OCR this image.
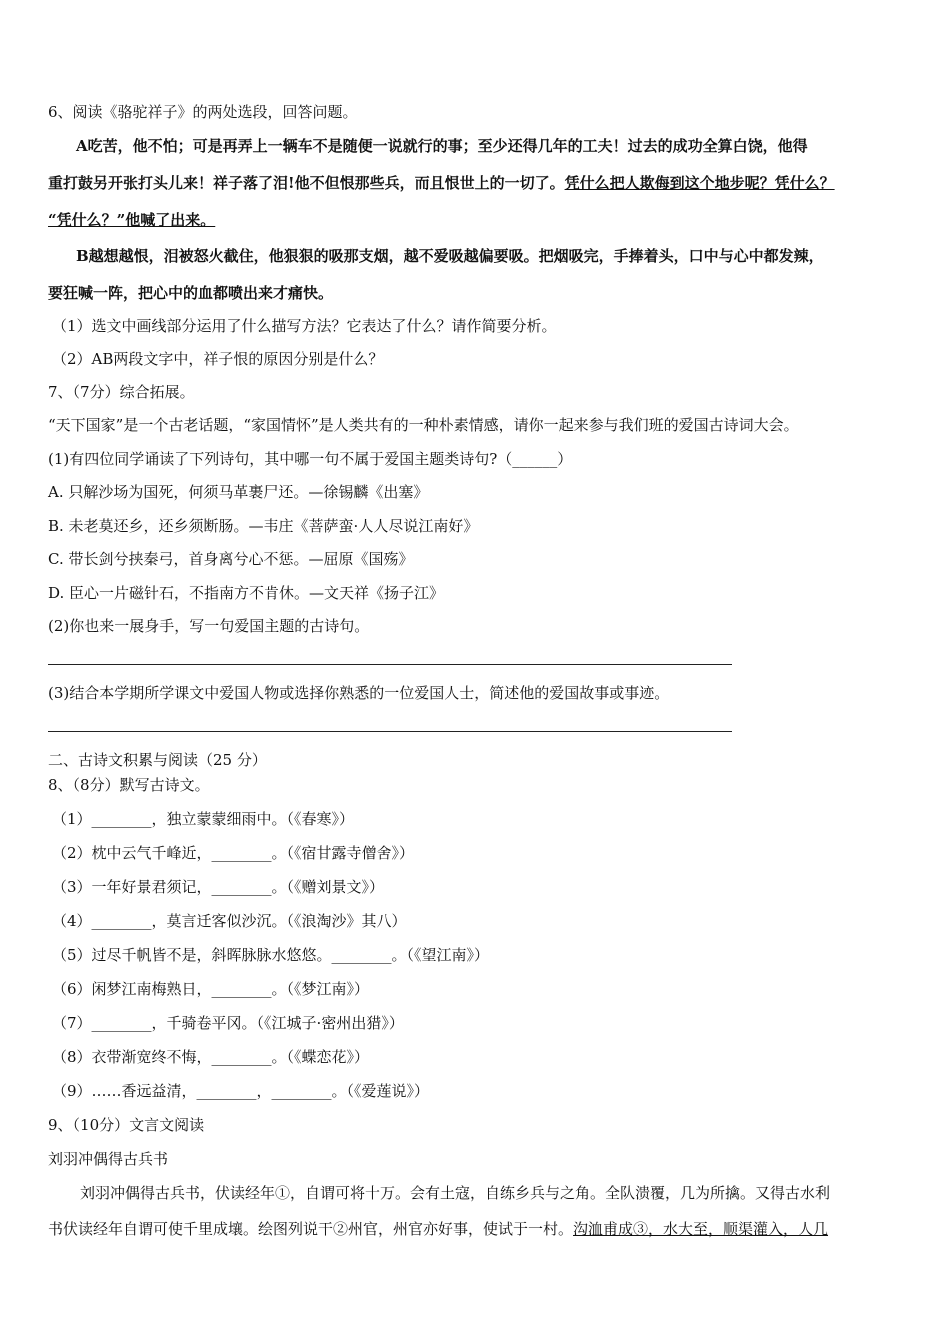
6、阅读《骆驼祥子》的两处选段，回答问题。
A吃苦，他不怕；可是再弄上一辆车不是随便一说就行的事；至少还得几年的工夫！过去的成功全算白饶，他得
重打鼓另开张打头儿来！祥子落了泪!他不但恨那些兵，而且恨世上的一切了。凭什么把人欺侮到这个地步呢？凭什么？
“凭什么？”他喊了出来。
B越想越恨，泪被怒火截住，他狠狠的吸那支烟，越不爱吸越偏要吸。把烟吸完，手捧着头，口中与心中都发辣，
要狂喊一阵，把心中的血都喷出来才痛快。
（1）选文中画线部分运用了什么描写方法？它表达了什么？请作简要分析。
（2）AB两段文字中，祥子恨的原因分别是什么？
7、（7分）综合拓展。
“天下国家”是一个古老话题，“家国情怀”是人类共有的一种朴素情感，请你一起来参与我们班的爱国古诗词大会。
(1)有四位同学诵读了下列诗句，其中哪一句不属于爱国主题类诗句?（______）
A. 只解沙场为国死，何须马革裹尸还。—徐锡麟《出塞》
B. 未老莫还乡，还乡须断肠。—韦庄《菩萨蛮·人人尽说江南好》
C. 带长剑兮挟秦弓，首身离兮心不惩。—屈原《国殇》
D. 臣心一片磁针石，不指南方不肯休。—文天祥《扬子江》
(2)你也来一展身手，写一句爱国主题的古诗句。
(3)结合本学期所学课文中爱国人物或选择你熟悉的一位爱国人士，简述他的爱国故事或事迹。
二、古诗文积累与阅读（25 分）
8、（8分）默写古诗文。
（1）________，独立蒙蒙细雨中。（《春寒》）
（2）枕中云气千峰近，________。（《宿甘露寺僧舍》）
（3）一年好景君须记，________。（《赠刘景文》）
（4）________，莫言迁客似沙沉。（《浪淘沙》其八）
（5）过尽千帆皆不是，斜晖脉脉水悠悠。________。（《望江南》）
（6）闲梦江南梅熟日，________。（《梦江南》）
（7）________，千骑卷平冈。（《江城子·密州出猎》）
（8）衣带渐宽终不悔，________。（《蝶恋花》）
（9）……香远益清，________，________。（《爱莲说》）
9、（10分）文言文阅读
刘羽冲偶得古兵书
刘羽冲偶得古兵书，伏读经年①，自谓可将十万。会有土寇，自练乡兵与之角。全队溃覆，几为所擒。又得古水利
书伏读经年自谓可使千里成壤。绘图列说干②州官，州官亦好事，使试于一村。沟洫甫成③，水大至，顺渠灌入，人几
